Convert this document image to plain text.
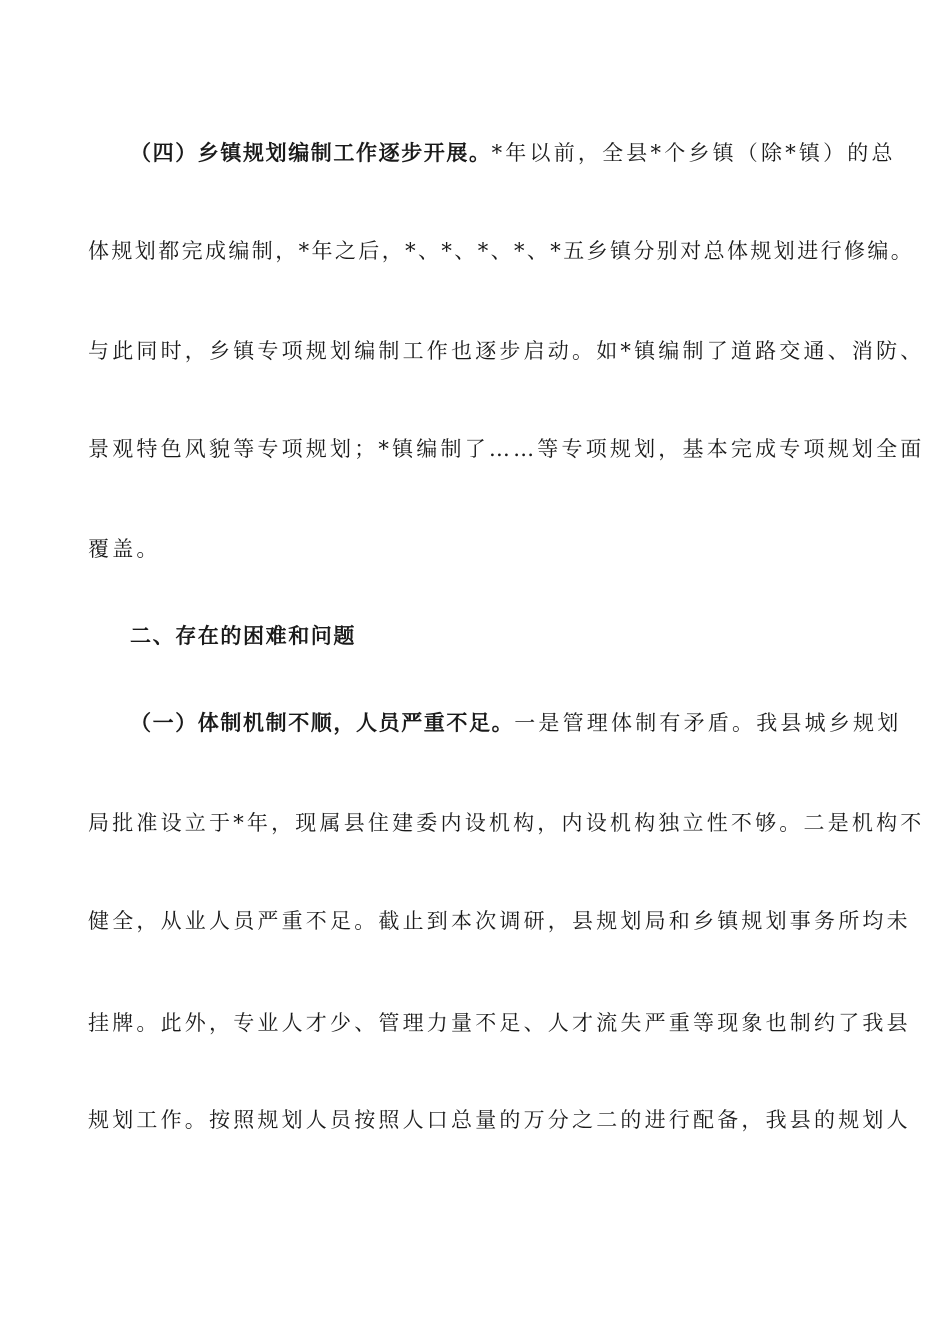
（四）乡镇规划编制工作逐步开展。*年以前，全县*个乡镇（除*镇）的总
体规划都完成编制，*年之后，*、*、*、*、*五乡镇分别对总体规划进行修编。
与此同时，乡镇专项规划编制工作也逐步启动。如*镇编制了道路交通、消防、
景观特色风貌等专项规划；*镇编制了……等专项规划，基本完成专项规划全面
覆盖。
二、存在的困难和问题
（一）体制机制不顺，人员严重不足。一是管理体制有矛盾。我县城乡规划
局批准设立于*年，现属县住建委内设机构，内设机构独立性不够。二是机构不
健全，从业人员严重不足。截止到本次调研，县规划局和乡镇规划事务所均未
挂牌。此外，专业人才少、管理力量不足、人才流失严重等现象也制约了我县
规划工作。按照规划人员按照人口总量的万分之二的进行配备，我县的规划人
